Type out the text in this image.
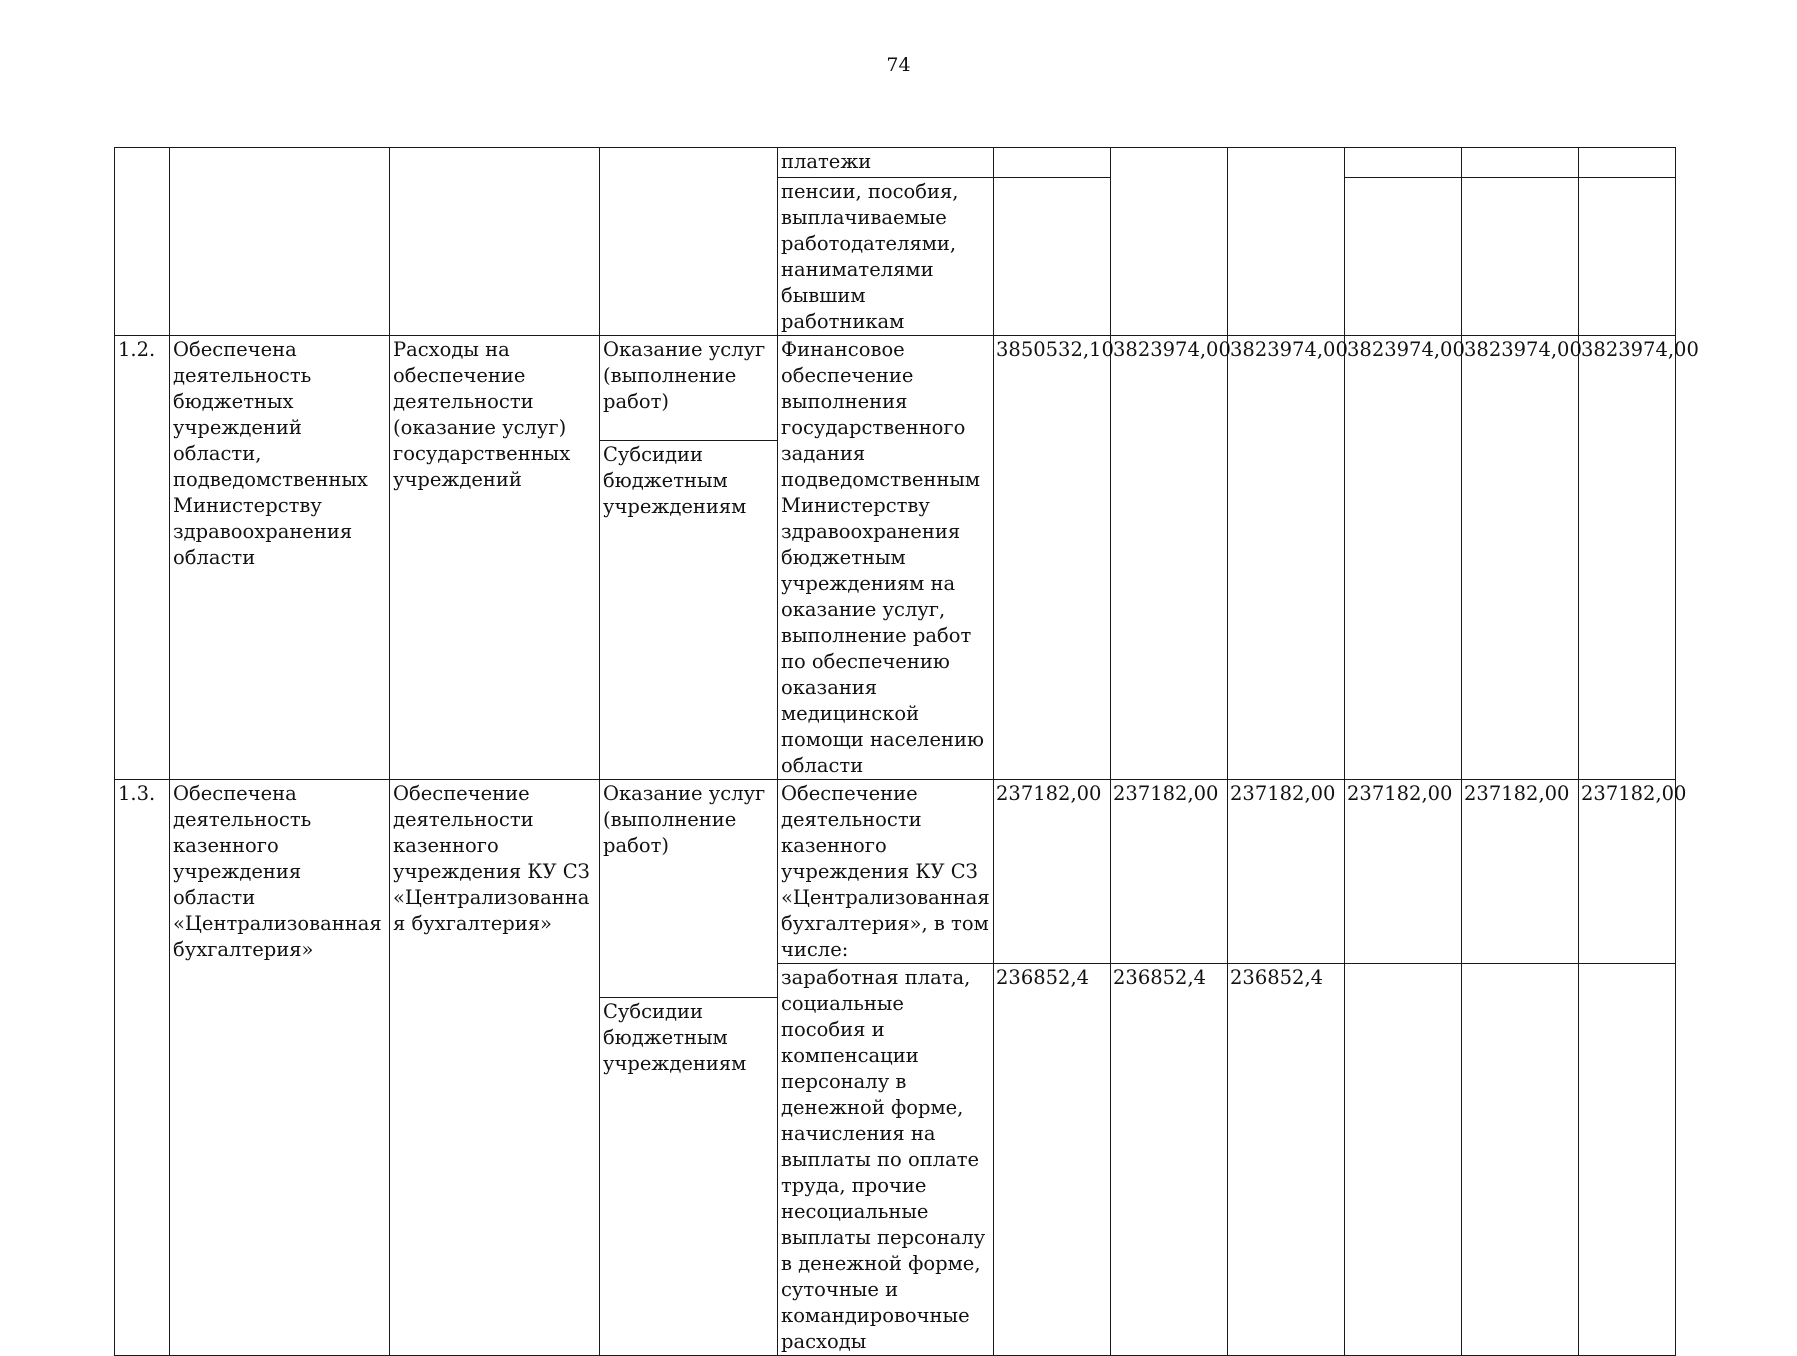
74
				платежи						
				пенсии, пособия, выплачиваемые работодателями, нанимателями бывшим работникам						
1.2.	Обеспечена деятельность бюджетных учреждений области, подведомственных Министерству здравоохранения области	Расходы на обеспечение деятельности (оказание услуг) государственных учреждений	Оказание услуг (выполнение работ)	Финансовое обеспечение выполнения государственного задания подведомственным Министерству здравоохранения бюджетным учреждениям на оказание услуг, выполнение работ по обеспечению оказания медицинской помощи населению области	3850532,10	3823974,00	3823974,00	3823974,00	3823974,00	3823974,00
			Субсидии бюджетным учреждениям							
1.3.	Обеспечена деятельность казенного учреждения области «Централизованная бухгалтерия»	Обеспечение деятельности казенного учреждения КУ СЗ «Централизованная бухгалтерия»	Оказание услуг (выполнение работ)	Обеспечение деятельности казенного учреждения КУ СЗ «Централизованная бухгалтерия», в том числе:	237182,00	237182,00	237182,00	237182,00	237182,00	237182,00
				заработная плата, социальные пособия и компенсации персоналу в денежной форме, начисления на выплаты по оплате труда, прочие несоциальные выплаты персоналу в денежной форме, суточные и командировочные расходы	236852,4	236852,4	236852,4			
			Субсидии бюджетным учреждениям							
